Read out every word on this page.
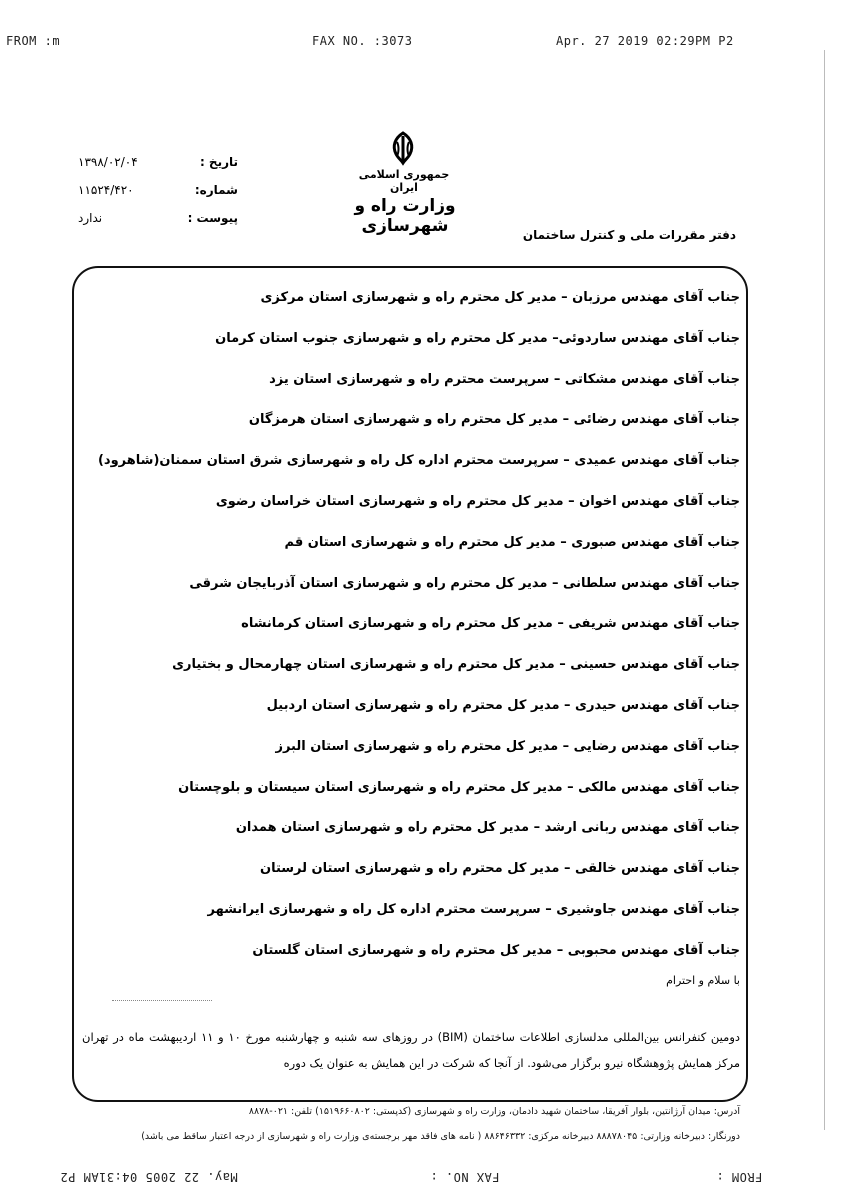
FROM :m	FAX NO. :3073	Apr. 27 2019 02:29PM P2
تاریخ :
۱۳۹۸/۰۲/۰۴
شماره:
۱۱۵۲۴/۴۲۰
پیوست :
ندارد
جمهوری اسلامی ایران
وزارت راه و شهرسازی	دفتر مقررات ملی و کنترل ساختمان
جناب آقای مهندس مرزبان – مدیر کل محترم راه و شهرسازی استان مرکزی
جناب آقای مهندس ساردوئی– مدیر کل محترم راه و شهرسازی جنوب استان کرمان
جناب آقای مهندس مشکاتی – سرپرست محترم راه و شهرسازی استان یزد
جناب آقای مهندس رضائی – مدیر کل محترم راه و شهرسازی استان هرمزگان
جناب آقای مهندس عمیدی – سرپرست محترم اداره کل راه و شهرسازی شرق استان سمنان(شاهرود)
جناب آقای مهندس اخوان – مدیر کل محترم راه و شهرسازی استان خراسان رضوی
جناب آقای مهندس صبوری – مدیر کل محترم راه و شهرسازی استان قم
جناب آقای مهندس سلطانی – مدیر کل محترم راه و شهرسازی استان آذربایجان شرقی
جناب آقای مهندس شریفی – مدیر کل محترم راه و شهرسازی استان کرمانشاه
جناب آقای مهندس حسینی – مدیر کل محترم راه و شهرسازی استان چهارمحال و بختیاری
جناب آقای مهندس حیدری – مدیر کل محترم راه و شهرسازی استان اردبیل
جناب آقای مهندس رضایی – مدیر کل محترم راه و شهرسازی استان البرز
جناب آقای مهندس مالکی – مدیر کل محترم راه و شهرسازی استان سیستان و بلوچستان
جناب آقای مهندس ربانی ارشد – مدیر کل محترم راه و شهرسازی استان همدان
جناب آقای مهندس خالقی – مدیر کل محترم راه و شهرسازی استان لرستان
جناب آقای مهندس جاوشیری – سرپرست محترم اداره کل راه و شهرسازی ایرانشهر
جناب آقای مهندس محبوبی – مدیر کل محترم راه و شهرسازی استان گلستان
با سلام و احترام
دومین کنفرانس بین‌المللی مدلسازی اطلاعات ساختمان (BIM) در روزهای سه شنبه و چهارشنبه مورخ ۱۰ و ۱۱ اردیبهشت ماه در تهران مرکز همایش پژوهشگاه نیرو برگزار می‌شود. از آنجا که شرکت در این همایش به عنوان یک دوره
آدرس: میدان آرژانتین، بلوار آفریقا، ساختمان شهید دادمان، وزارت راه و شهرسازی (کدپستی: ۱۵۱۹۶۶۰۸۰۲) تلفن: ۰۲۱-۸۸۷۸
دورنگار: دبیرخانه وزارتی: ۸۸۸۷۸۰۴۵ دبیرخانه مرکزی: ۸۸۶۴۶۳۳۲ ( نامه های فاقد مهر برجسته‌ی وزارت راه و شهرسازی از درجه اعتبار ساقط می باشد)
May. 22 2005 04:31AM P2	FAX NO. :	FROM :
